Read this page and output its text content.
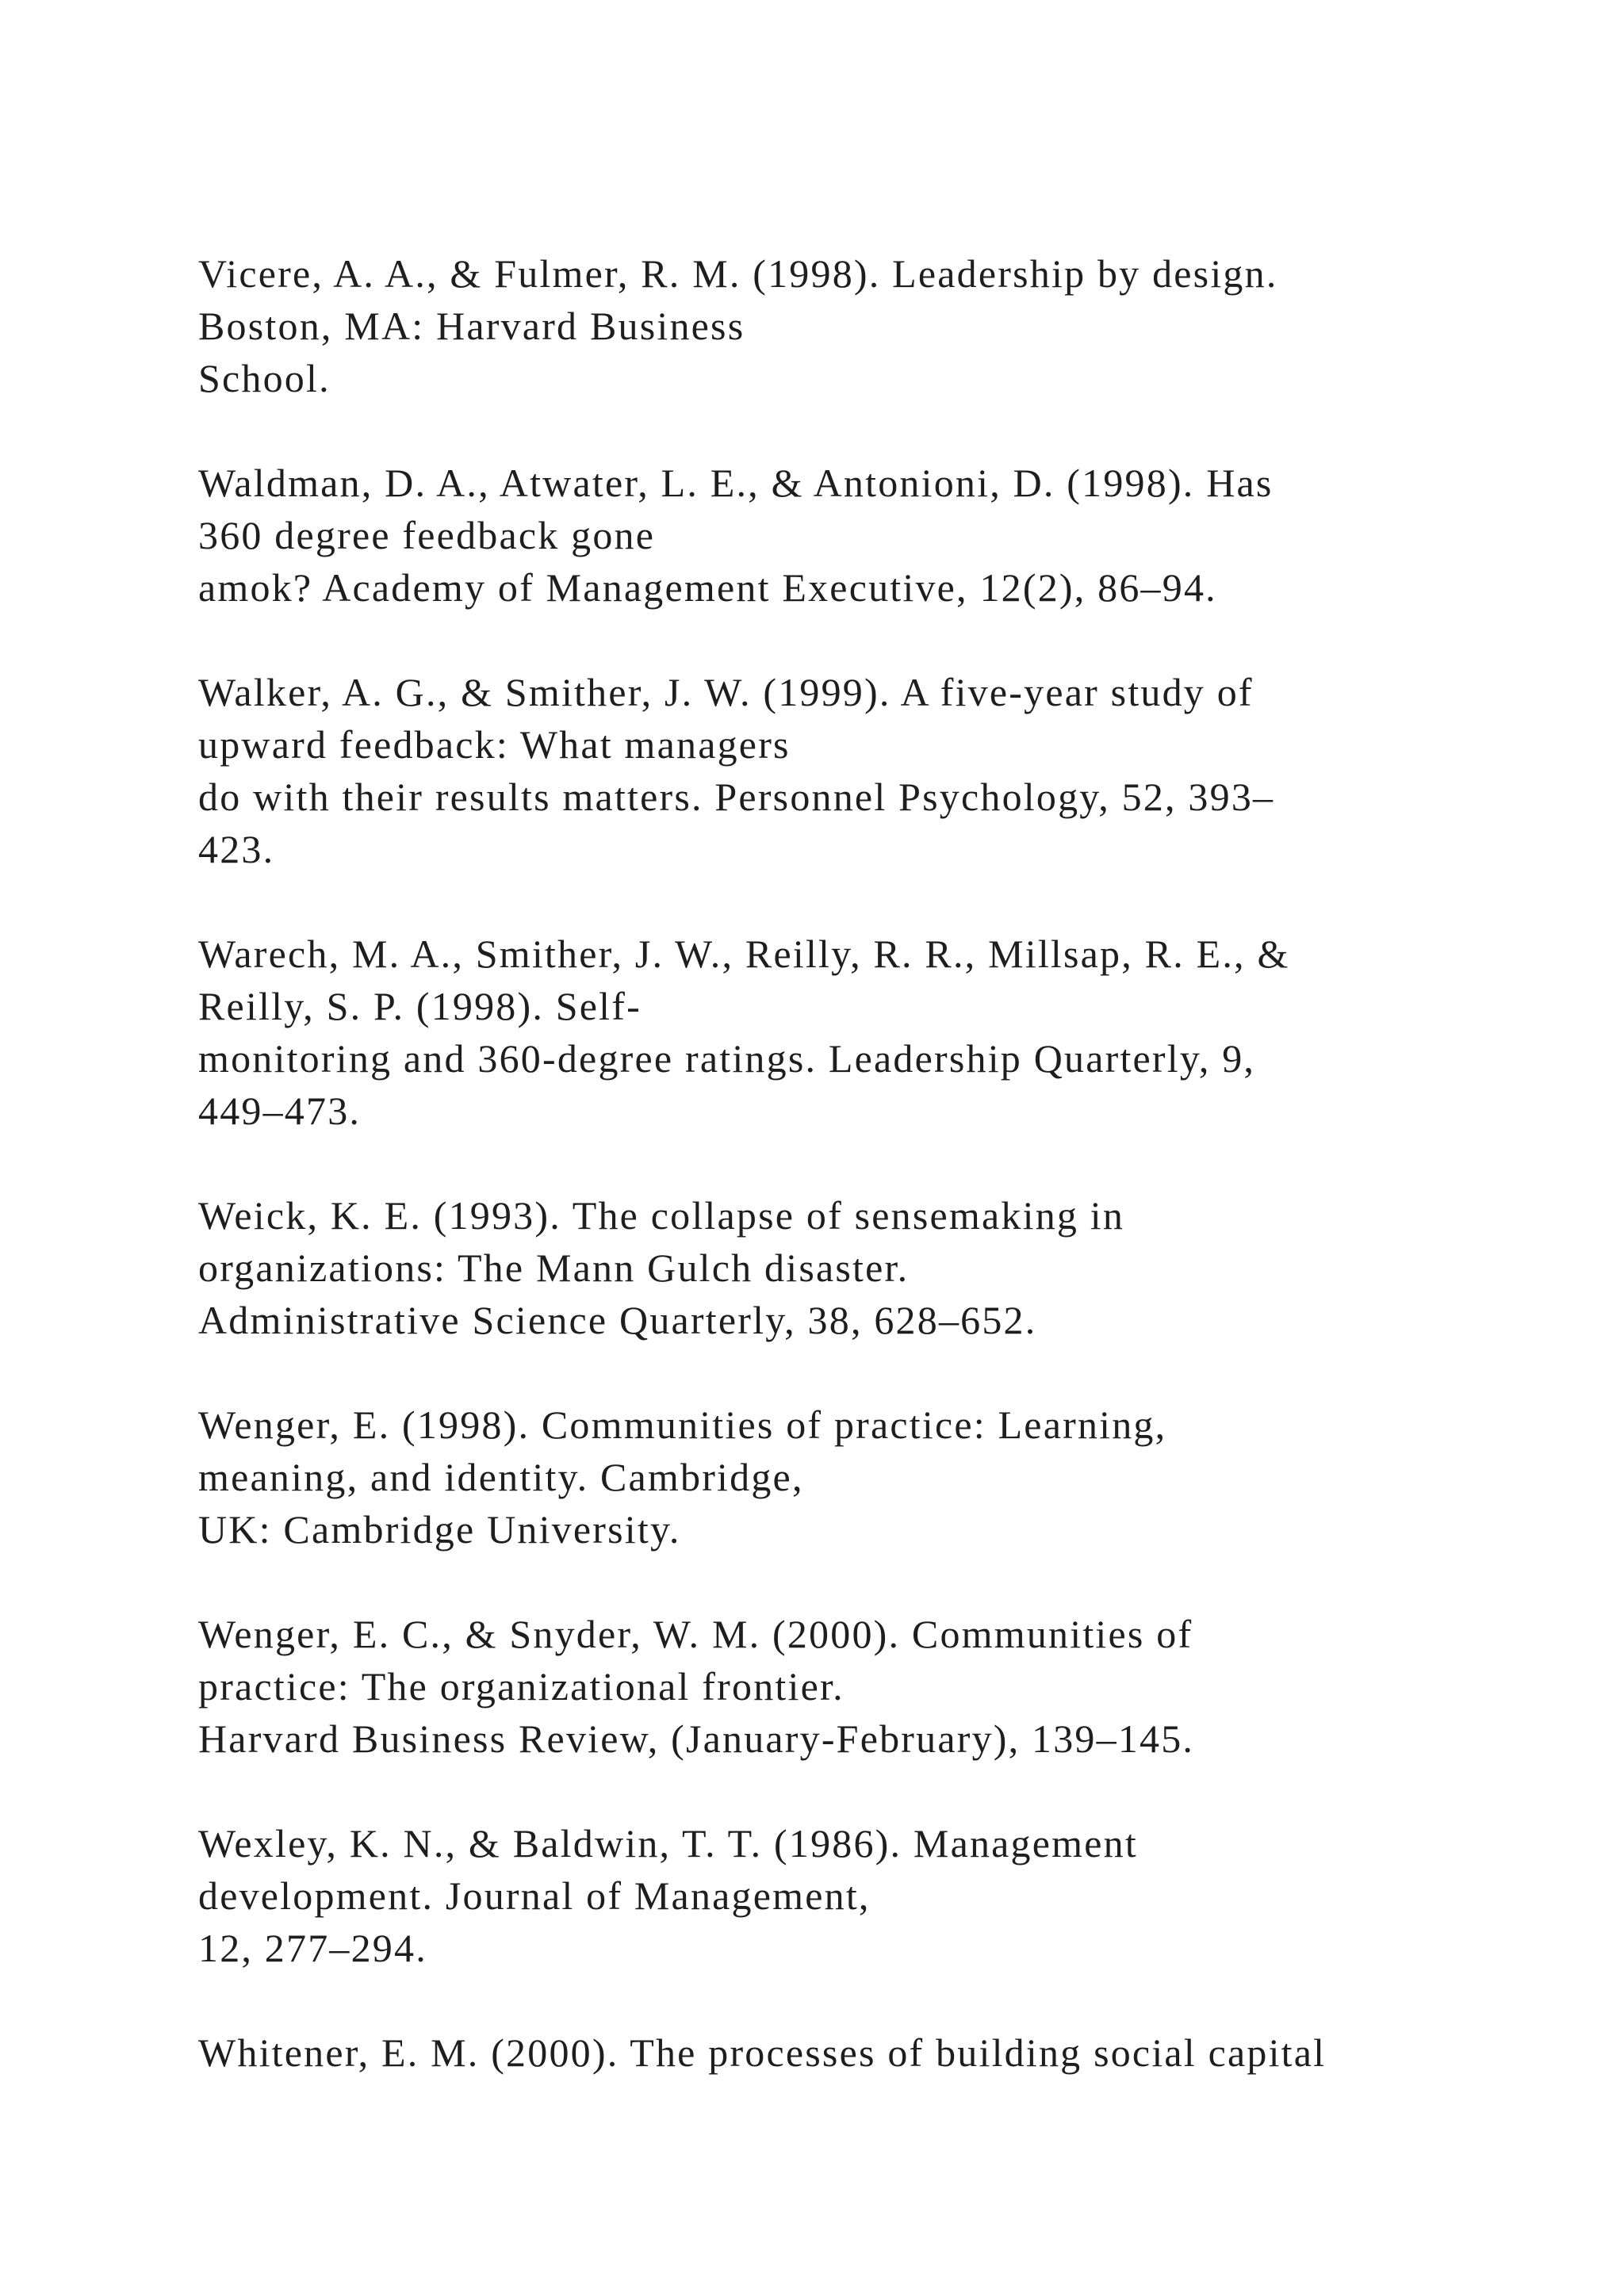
Vicere, A. A., & Fulmer, R. M. (1998). Leadership by design.
Boston, MA: Harvard Business
School.
Waldman, D. A., Atwater, L. E., & Antonioni, D. (1998). Has
360 degree feedback gone
amok? Academy of Management Executive, 12(2), 86–94.
Walker, A. G., & Smither, J. W. (1999). A five-year study of
upward feedback: What managers
do with their results matters. Personnel Psychology, 52, 393–
423.
Warech, M. A., Smither, J. W., Reilly, R. R., Millsap, R. E., &
Reilly, S. P. (1998). Self-
monitoring and 360-degree ratings. Leadership Quarterly, 9,
449–473.
Weick, K. E. (1993). The collapse of sensemaking in
organizations: The Mann Gulch disaster.
Administrative Science Quarterly, 38, 628–652.
Wenger, E. (1998). Communities of practice: Learning,
meaning, and identity. Cambridge,
UK: Cambridge University.
Wenger, E. C., & Snyder, W. M. (2000). Communities of
practice: The organizational frontier.
Harvard Business Review, (January-February), 139–145.
Wexley, K. N., & Baldwin, T. T. (1986). Management
development. Journal of Management,
12, 277–294.
Whitener, E. M. (2000). The processes of building social capital
